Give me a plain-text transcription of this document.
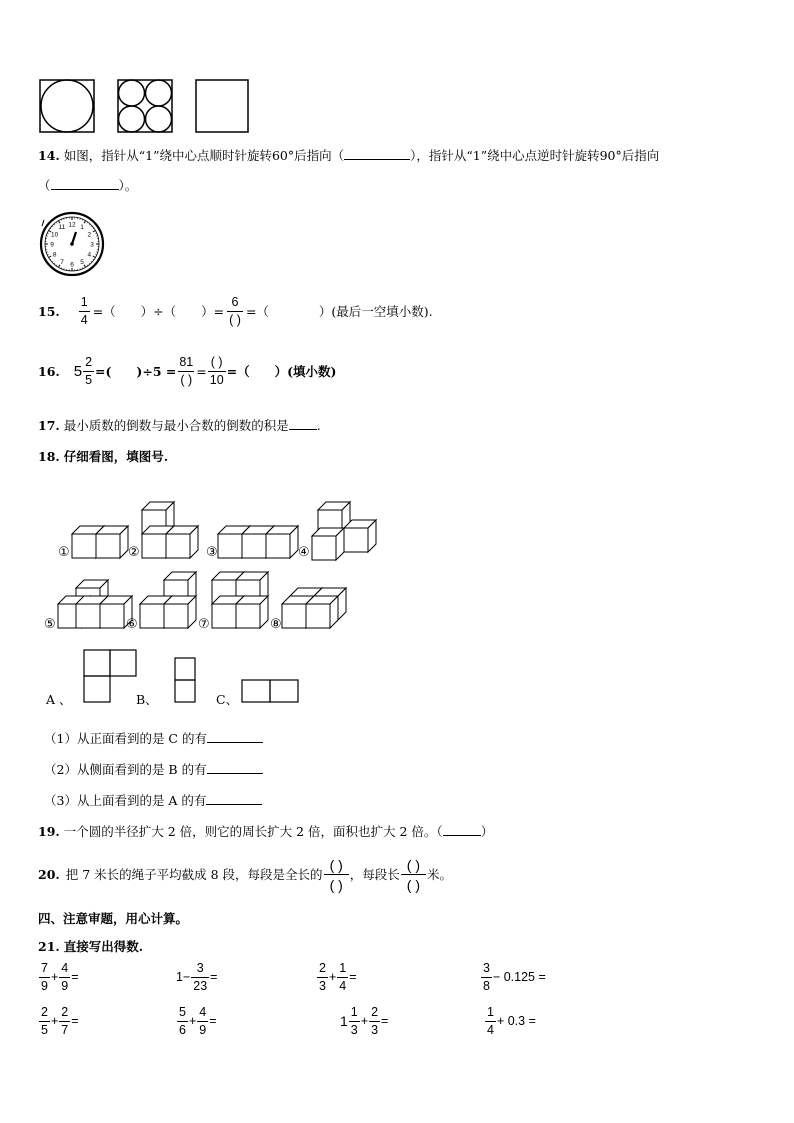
14. 如图，指针从“1”绕中心点顺时针旋转60°后指向（	），指针从“1”绕中心点逆时针旋转90°后指向
（	）。
12 1
2
3
4
5
6
7
8
9
10
11
15. $\frac{1}{4}$ =（　　）÷（　　）= $\frac{6}{( )}$ =（　　　　）(最后一空填小数).
16. $5 \frac{2}{5}$ =(　　)$\div 5 = \frac{81}{( )} = \frac{( )}{10}$ =（　　）(填小数)
17. 最小质数的倒数与最小合数的倒数的积是 .
18. 仔细看图，填图号.
①	②	③	④
⑤	⑥	⑦	⑧
A 、	B、	C、
（1）从正面看到的是 C 的有
（2）从侧面看到的是 B 的有
（3）从上面看到的是 A 的有
19. 一个圆的半径扩大 2 倍，则它的周长扩大 2 倍，面积也扩大 2 倍。（	）
20. 把 7 米长的绳子平均截成 8 段，每段是全长的 $\frac{( )}{( )}$ ，每段长 $\frac{( )}{( )}$ 米。
四、注意审题，用心计算。
21. 直接写出得数.
$\frac{7}{9} + \frac{4}{9}$ =	$1- \frac{3}{23}$ =	$\frac{2}{3} + \frac{1}{4}$ =	$\frac{3}{8} - 0.125$ =
$\frac{2}{5} + \frac{2}{7}$ =	$\frac{5}{6} + \frac{4}{9}$ =	$1 \frac{1}{3} + \frac{2}{3}$ =	$\frac{1}{4} + 0.3$ =
